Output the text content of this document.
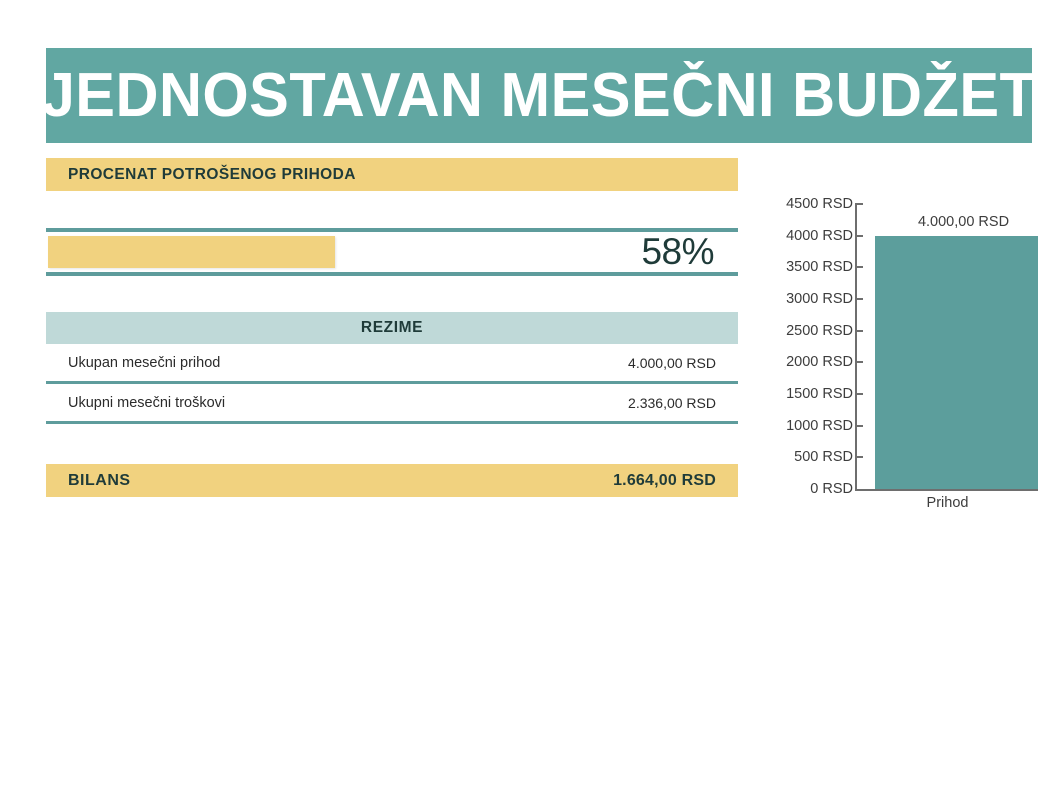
JEDNOSTAVAN MESEČNI BUDŽET
PROCENAT POTROŠENOG PRIHODA
58%
REZIME
Ukupan mesečni prihod	4.000,00 RSD
Ukupni mesečni troškovi	2.336,00 RSD
BILANS	1.664,00 RSD
0 RSD
500 RSD
1000 RSD
1500 RSD
2000 RSD
2500 RSD
3000 RSD
3500 RSD
4000 RSD
4500 RSD
4.000,00 RSD
Prihod
